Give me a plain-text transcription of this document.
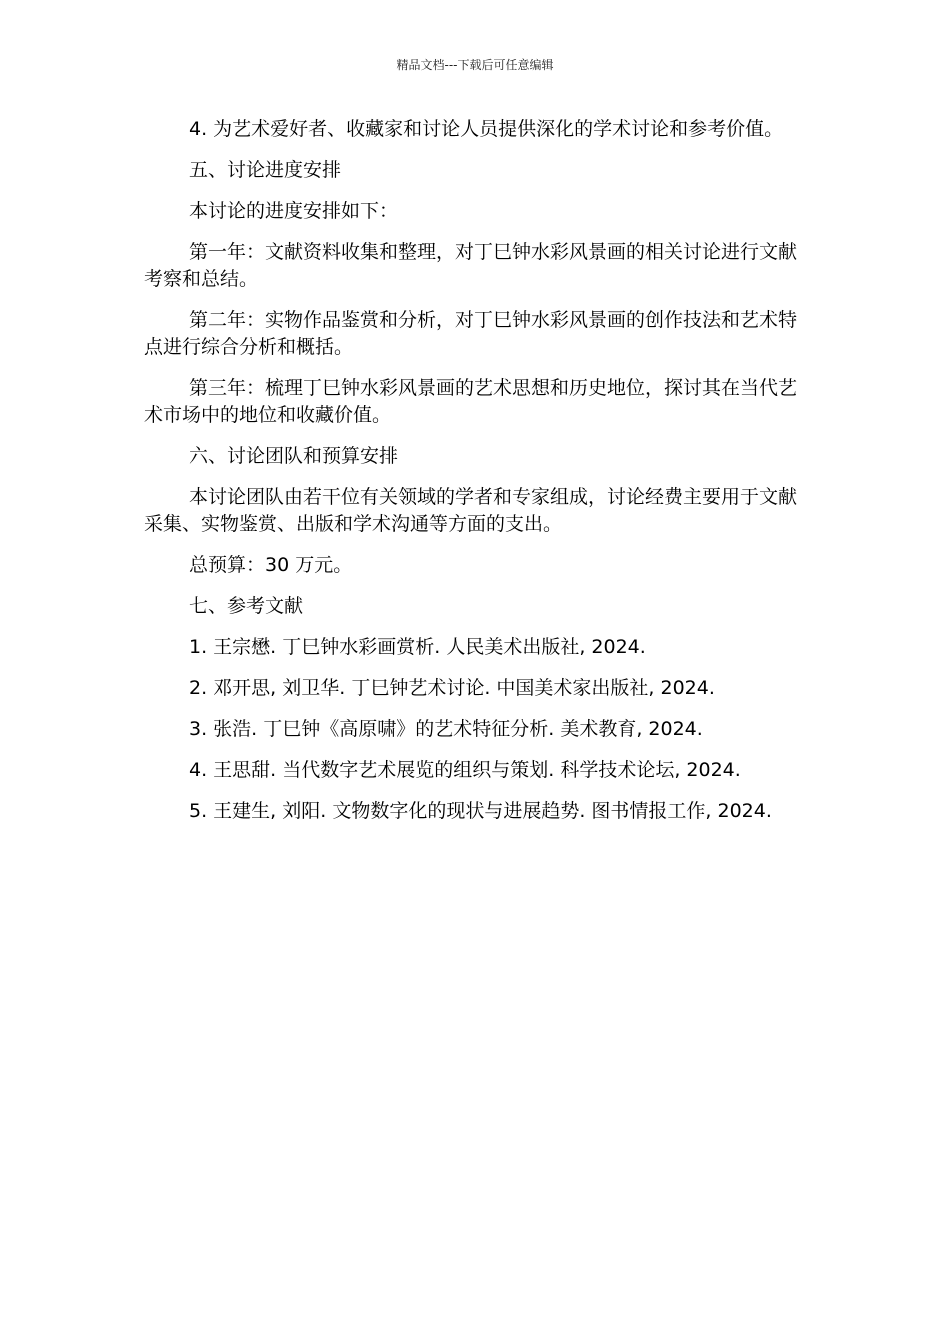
精品文档---下载后可任意编辑

4. 为艺术爱好者、收藏家和讨论人员提供深化的学术讨论和参考价值。

五、讨论进度安排

本讨论的进度安排如下：

第一年：文献资料收集和整理，对丁巳钟水彩风景画的相关讨论进行文献考察和总结。

第二年：实物作品鉴赏和分析，对丁巳钟水彩风景画的创作技法和艺术特点进行综合分析和概括。

第三年：梳理丁巳钟水彩风景画的艺术思想和历史地位，探讨其在当代艺术市场中的地位和收藏价值。

六、讨论团队和预算安排

本讨论团队由若干位有关领域的学者和专家组成，讨论经费主要用于文献采集、实物鉴赏、出版和学术沟通等方面的支出。

总预算：30 万元。

七、参考文献

1. 王宗懋. 丁巳钟水彩画赏析. 人民美术出版社, 2024.

2. 邓开思, 刘卫华. 丁巳钟艺术讨论. 中国美术家出版社, 2024.

3. 张浩. 丁巳钟《高原啸》的艺术特征分析. 美术教育, 2024.

4. 王思甜. 当代数字艺术展览的组织与策划. 科学技术论坛, 2024.

5. 王建生, 刘阳. 文物数字化的现状与进展趋势. 图书情报工作, 2024.
